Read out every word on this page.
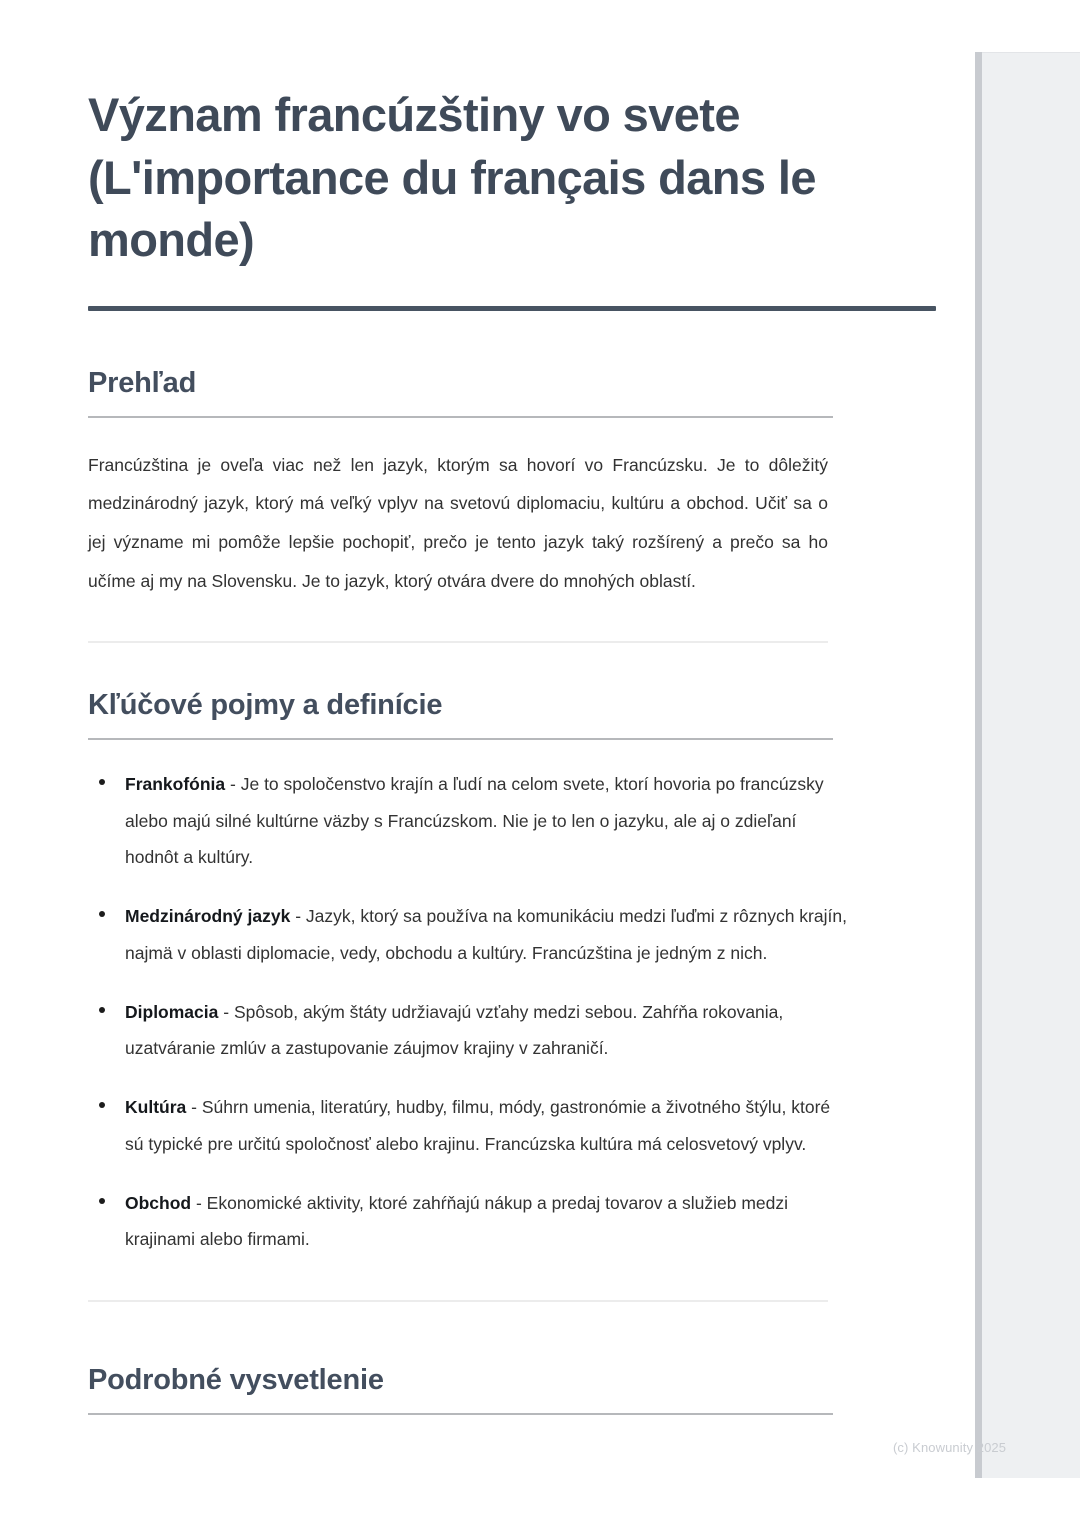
Význam francúzštiny vo svete (L'importance du français dans le monde)
Prehľad

Francúzština je oveľa viac než len jazyk, ktorým sa hovorí vo Francúzsku. Je to dôležitý medzinárodný jazyk, ktorý má veľký vplyv na svetovú diplomaciu, kultúru a obchod. Učiť sa o jej význame mi pomôže lepšie pochopiť, prečo je tento jazyk taký rozšírený a prečo sa ho učíme aj my na Slovensku. Je to jazyk, ktorý otvára dvere do mnohých oblastí.

Kľúčové pojmy a definície
Frankofónia - Je to spoločenstvo krajín a ľudí na celom svete, ktorí hovoria po francúzsky alebo majú silné kultúrne väzby s Francúzskom. Nie je to len o jazyku, ale aj o zdieľaní hodnôt a kultúry.
Medzinárodný jazyk - Jazyk, ktorý sa používa na komunikáciu medzi ľuďmi z rôznych krajín, najmä v oblasti diplomacie, vedy, obchodu a kultúry. Francúzština je jedným z nich.
Diplomacia - Spôsob, akým štáty udržiavajú vzťahy medzi sebou. Zahŕňa rokovania, uzatváranie zmlúv a zastupovanie záujmov krajiny v zahraničí.
Kultúra - Súhrn umenia, literatúry, hudby, filmu, módy, gastronómie a životného štýlu, ktoré sú typické pre určitú spoločnosť alebo krajinu. Francúzska kultúra má celosvetový vplyv.
Obchod - Ekonomické aktivity, ktoré zahŕňajú nákup a predaj tovarov a služieb medzi krajinami alebo firmami.
Podrobné vysvetlenie
(c) Knowunity 2025
